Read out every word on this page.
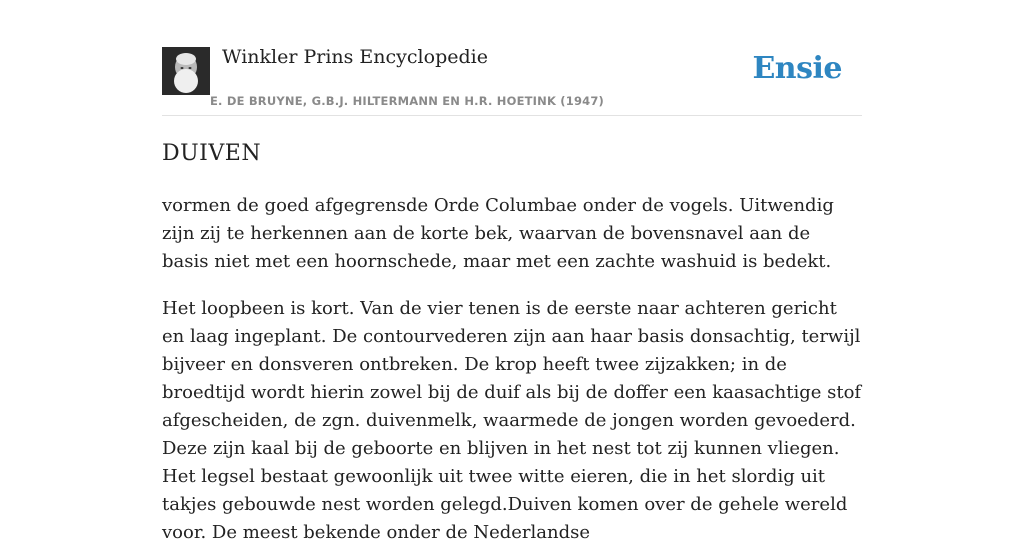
Winkler Prins Encyclopedie
E. DE BRUYNE, G.B.J. HILTERMANN EN H.R. HOETINK (1947)
Ensie
DUIVEN

vormen de goed afgegrensde Orde Columbae onder de vogels. Uitwendig zijn zij te herkennen aan de korte bek, waarvan de bovensnavel aan de basis niet met een hoornschede, maar met een zachte washuid is bedekt.

Het loopbeen is kort. Van de vier tenen is de eerste naar achteren gericht en laag ingeplant. De contourvederen zijn aan haar basis donsachtig, terwijl bijveer en donsveren ontbreken. De krop heeft twee zijzakken; in de broedtijd wordt hierin zowel bij de duif als bij de doffer een kaasachtige stof afgescheiden, de zgn. duivenmelk, waarmede de jongen worden gevoederd. Deze zijn kaal bij de geboorte en blijven in het nest tot zij kunnen vliegen. Het legsel bestaat gewoonlijk uit twee witte eieren, die in het slordig uit takjes gebouwde nest worden gelegd.Duiven komen over de gehele wereld voor. De meest bekende onder de Nederlandse
